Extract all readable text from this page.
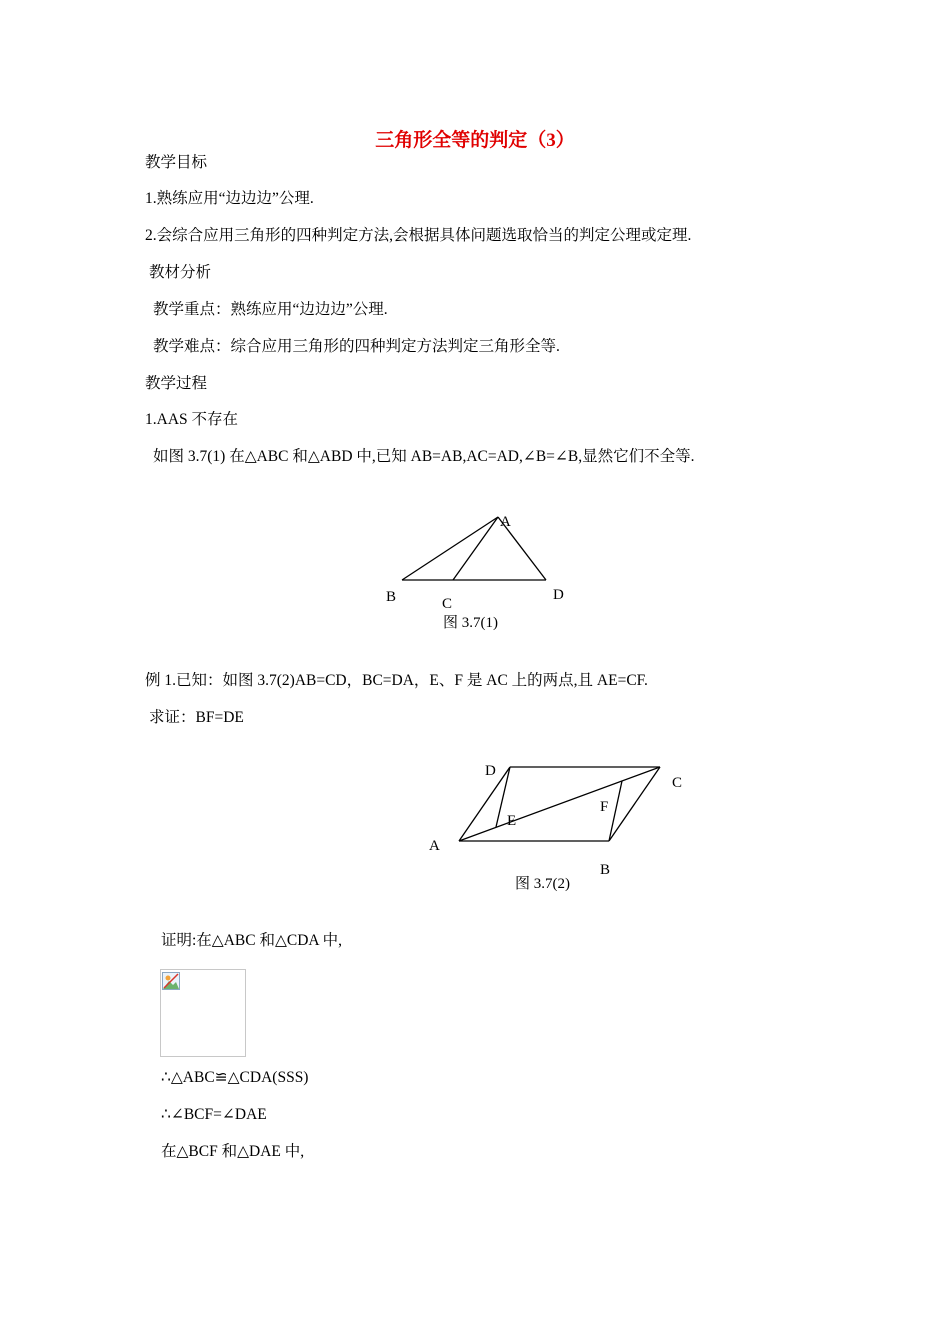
三角形全等的判定（3）
教学目标
1.熟练应用“边边边”公理.
2.会综合应用三角形的四种判定方法,会根据具体问题选取恰当的判定公理或定理.
教材分析
教学重点：熟练应用“边边边”公理.
教学难点：综合应用三角形的四种判定方法判定三角形全等.
教学过程
1.AAS 不存在
如图 3.7(1) 在△ABC 和△ABD 中,已知 AB=AB,AC=AD,∠B=∠B,显然它们不全等.
A
B	C
D
图 3.7(1)
例 1.已知：如图 3.7(2)AB=CD，BC=DA，E、F 是 AC 上的两点,且 AE=CF.
求证：BF=DE
D
C
F
E
A
B
图 3.7(2)
证明:在△ABC 和△CDA 中,
∴△ABC≌△CDA(SSS)
∴∠BCF=∠DAE
在△BCF 和△DAE 中,
